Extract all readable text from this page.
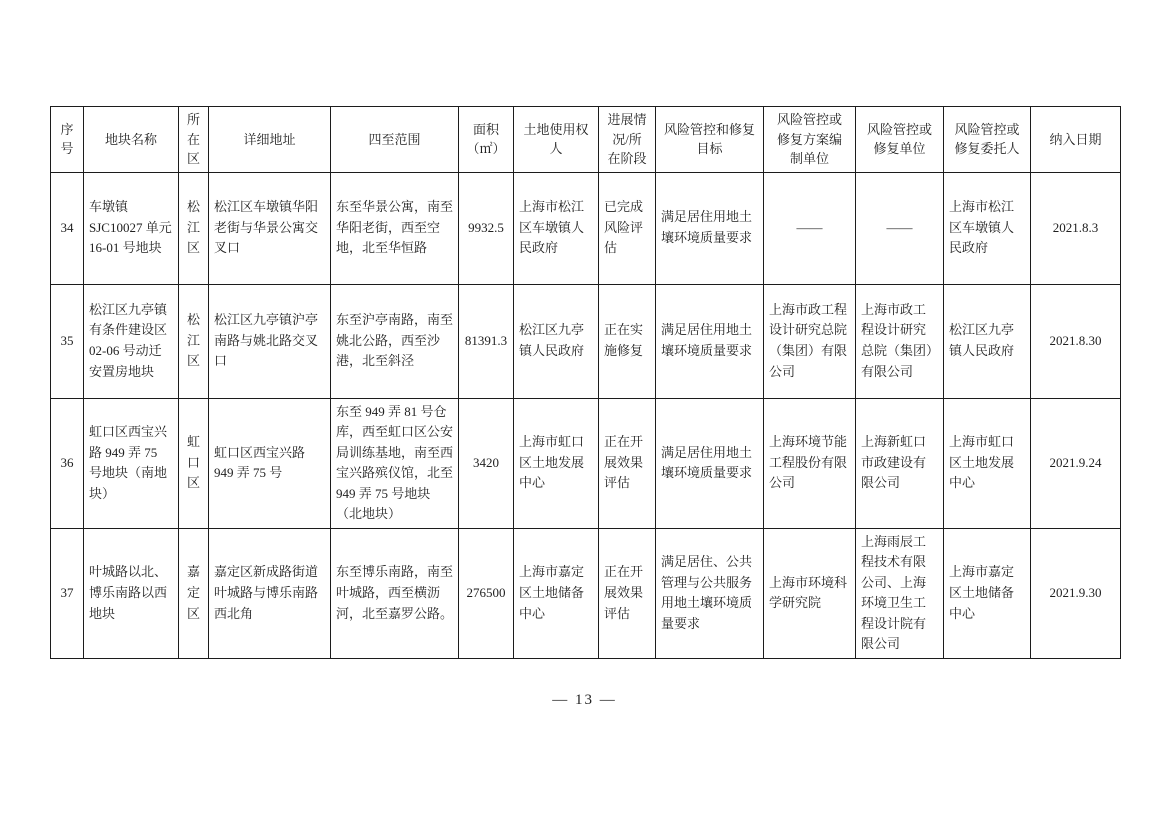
序号	地块名称	所在区	详细地址	四至范围	面积（㎡）	土地使用权人	进展情况/所在阶段	风险管控和修复目标	风险管控或修复方案编制单位	风险管控或修复单位	风险管控或修复委托人	纳入日期
34	车墩镇 SJC10027 单元 16-01 号地块	松江区	松江区车墩镇华阳老街与华景公寓交叉口	东至华景公寓，南至华阳老街，西至空地，北至华恒路	9932.5	上海市松江区车墩镇人民政府	已完成风险评估	满足居住用地土壤环境质量要求	——	——	上海市松江区车墩镇人民政府	2021.8.3
35	松江区九亭镇有条件建设区 02-06 号动迁安置房地块	松江区	松江区九亭镇沪亭南路与姚北路交叉口	东至沪亭南路，南至姚北公路，西至沙港，北至斜泾	81391.3	松江区九亭镇人民政府	正在实施修复	满足居住用地土壤环境质量要求	上海市政工程设计研究总院（集团）有限公司	上海市政工程设计研究总院（集团）有限公司	松江区九亭镇人民政府	2021.8.30
36	虹口区西宝兴路 949 弄 75 号地块（南地块）	虹口区	虹口区西宝兴路 949 弄 75 号	东至 949 弄 81 号仓库，西至虹口区公安局训练基地，南至西宝兴路殡仪馆，北至 949 弄 75 号地块（北地块）	3420	上海市虹口区土地发展中心	正在开展效果评估	满足居住用地土壤环境质量要求	上海环境节能工程股份有限公司	上海新虹口市政建设有限公司	上海市虹口区土地发展中心	2021.9.24
37	叶城路以北、博乐南路以西地块	嘉定区	嘉定区新成路街道叶城路与博乐南路西北角	东至博乐南路，南至叶城路，西至横沥河，北至嘉罗公路。	276500	上海市嘉定区土地储备中心	正在开展效果评估	满足居住、公共管理与公共服务用地土壤环境质量要求	上海市环境科学研究院	上海雨辰工程技术有限公司、上海环境卫生工程设计院有限公司	上海市嘉定区土地储备中心	2021.9.30
— 13 —
